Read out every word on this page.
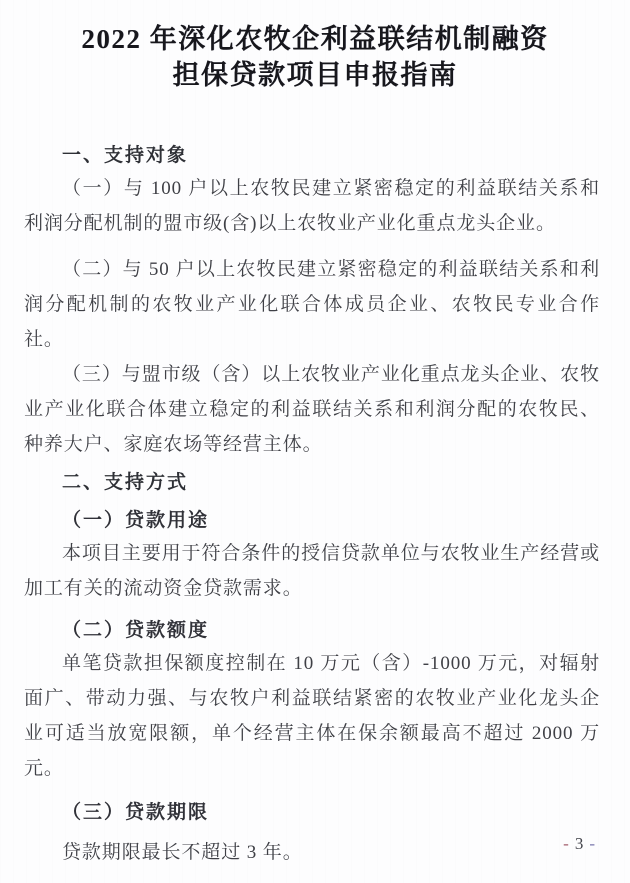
2022 年深化农牧企利益联结机制融资
担保贷款项目申报指南
一、支持对象

（一）与 100 户以上农牧民建立紧密稳定的利益联结关系和利润分配机制的盟市级(含)以上农牧业产业化重点龙头企业。

（二）与 50 户以上农牧民建立紧密稳定的利益联结关系和利润分配机制的农牧业产业化联合体成员企业、农牧民专业合作社。

（三）与盟市级（含）以上农牧业产业化重点龙头企业、农牧业产业化联合体建立稳定的利益联结关系和利润分配的农牧民、种养大户、家庭农场等经营主体。

二、支持方式
（一）贷款用途

本项目主要用于符合条件的授信贷款单位与农牧业生产经营或加工有关的流动资金贷款需求。

（二）贷款额度

单笔贷款担保额度控制在 10 万元（含）-1000 万元，对辐射面广、带动力强、与农牧户利益联结紧密的农牧业产业化龙头企业可适当放宽限额，单个经营主体在保余额最高不超过 2000 万元。

（三）贷款期限

贷款期限最长不超过 3 年。	- 3 -
